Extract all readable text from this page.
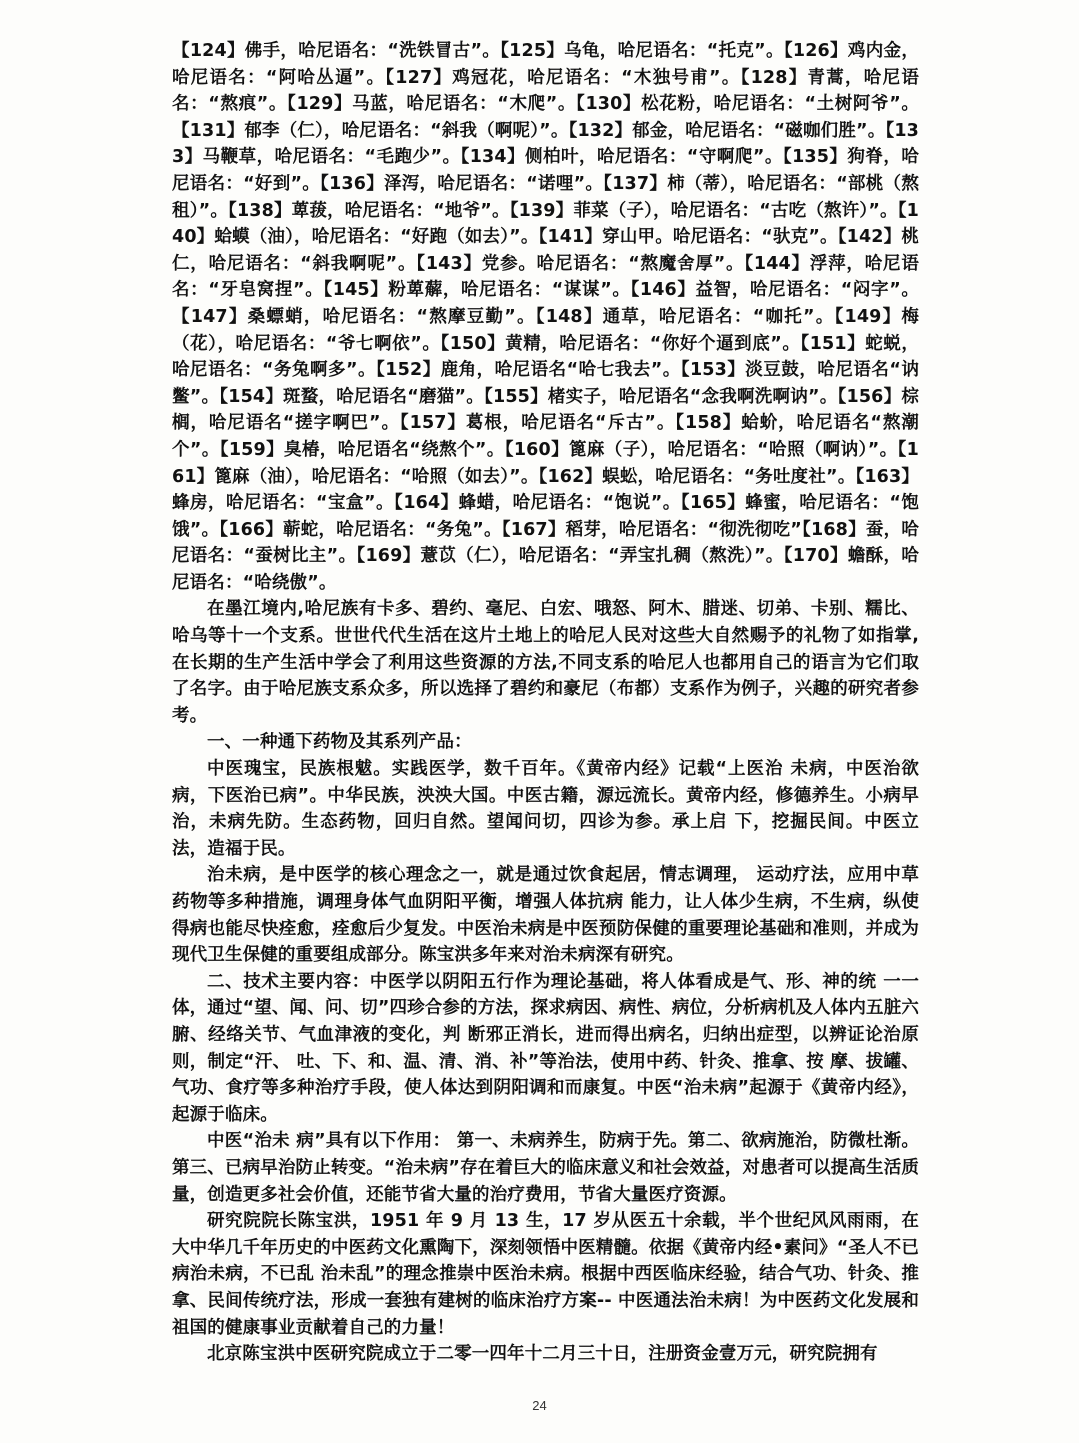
【124】佛手，哈尼语名：“洗铁冒古”。【125】乌龟，哈尼语名：“托克”。【126】鸡内金，哈尼语名：“阿哈丛逼”。【127】鸡冠花，哈尼语名：“木独号甫”。【128】青蒿，哈尼语名：“熬痕”。【129】马蓝，哈尼语名：“木爬”。【130】松花粉，哈尼语名：“土树阿爷”。【131】郁李（仁），哈尼语名：“斜我（啊呢）”。【132】郁金，哈尼语名：“磁咖们胜”。【133】马鞭草，哈尼语名：“毛跑少”。【134】侧柏叶，哈尼语名：“守啊爬”。【135】狗脊，哈尼语名：“好到”。【136】泽泻，哈尼语名：“诺哩”。【137】柿（蒂），哈尼语名：“部桃（熬租）”。【138】萆菝，哈尼语名：“地爷”。【139】菲菜（子），哈尼语名：“古吃（熬许）”。【140】蛤蟆（油），哈尼语名：“好跑（如去）”。【141】穿山甲。哈尼语名：“驮克”。【142】桃仁，哈尼语名：“斜我啊呢”。【143】党参。哈尼语名：“熬魔舍厚”。【144】浮萍，哈尼语名：“牙皂窝捏”。【145】粉萆薢，哈尼语名：“谋谋”。【146】益智，哈尼语名：“闷字”。【147】桑螵蛸，哈尼语名：“熬摩豆勤”。【148】通草，哈尼语名：“咖托”。【149】梅（花），哈尼语名：“爷七啊依”。【150】黄精，哈尼语名：“你好个逼到底”。【151】蛇蜕，哈尼语名：“务兔啊多”。【152】鹿角，哈尼语名“哈七我去”。【153】淡豆鼓，哈尼语名“讷鳖”。【154】斑蝥，哈尼语名“磨猫”。【155】楮实子，哈尼语名“念我啊洗啊讷”。【156】棕榈，哈尼语名“搓字啊巴”。【157】葛根，哈尼语名“斥古”。【158】蛤蚧，哈尼语名“熬潮个”。【159】臭椿，哈尼语名“绕熬个”。【160】篦麻（子），哈尼语名：“哈照（啊讷）”。【161】篦麻（油），哈尼语名：“哈照（如去）”。【162】蜈蚣，哈尼语名：“务吐度社”。【163】蜂房，哈尼语名：“宝盒”。【164】蜂蜡，哈尼语名：“饱说”。【165】蜂蜜，哈尼语名：“饱饿”。【166】蕲蛇，哈尼语名：“务兔”。【167】稻芽，哈尼语名：“彻洗彻吃”【168】蚕，哈尼语名：“蚕树比主”。【169】薏苡（仁），哈尼语名：“弄宝扎稠（熬洗）”。【170】蟾酥，哈尼语名：“哈绕傲”。

在墨江境内,哈尼族有卡多、碧约、毫尼、白宏、哦怒、阿木、腊迷、切弟、卡别、糯比、哈乌等十一个支系。世世代代生活在这片土地上的哈尼人民对这些大自然赐予的礼物了如指掌,在长期的生产生活中学会了利用这些资源的方法,不同支系的哈尼人也都用自己的语言为它们取了名字。由于哈尼族支系众多，所以选择了碧约和豪尼（布都）支系作为例子，兴趣的研究者参考。

一、一种通下药物及其系列产品：

中医瑰宝，民族根魃。实践医学，数千百年。《黄帝内经》记载“上医治 未病，中医治欲病，下医治已病”。中华民族，泱泱大国。中医古籍，源远流长。黄帝内经，修德养生。小病早治，未病先防。生态药物，回归自然。望闻问切，四诊为参。承上启 下，挖掘民间。中医立法，造福于民。

治未病，是中医学的核心理念之一，就是通过饮食起居，情志调理， 运动疗法，应用中草药物等多种措施，调理身体气血阴阳平衡，增强人体抗病 能力，让人体少生病，不生病，纵使得病也能尽快痊愈，痊愈后少复发。中医治未病是中医预防保健的重要理论基础和准则，并成为现代卫生保健的重要组成部分。陈宝洪多年来对治未病深有研究。

二、技术主要内容：中医学以阴阳五行作为理论基础，将人体看成是气、形、神的统 一一体，通过“望、闻、问、切”四珍合参的方法，探求病因、病性、病位，分析病机及人体内五脏六腑、经络关节、气血津液的变化，判 断邪正消长，进而得出病名，归纳出症型，以辨证论治原则，制定“汗、 吐、下、和、温、清、消、补”等治法，使用中药、针灸、推拿、按 摩、拔罐、气功、食疗等多种治疗手段，使人体达到阴阳调和而康复。中医“治未病”起源于《黄帝内经》，起源于临床。

中医“治未 病”具有以下作用： 第一、未病养生，防病于先。第二、欲病施治，防微杜渐。第三、已病早治防止转变。“治未病”存在着巨大的临床意义和社会效益，对患者可以提高生活质量，创造更多社会价值，还能节省大量的治疗费用，节省大量医疗资源。

研究院院长陈宝洪，1951 年 9 月 13 生，17 岁从医五十余载，半个世纪风风雨雨，在大中华几千年历史的中医药文化熏陶下，深刻领悟中医精髓。依据《黄帝内经•素问》“圣人不已病治未病，不已乱 治未乱”的理念推崇中医治未病。根据中西医临床经验，结合气功、针灸、推拿、民间传统疗法，形成一套独有建树的临床治疗方案-- 中医通法治未病！为中医药文化发展和祖国的健康事业贡献着自己的力量！

北京陈宝洪中医研究院成立于二零一四年十二月三十日，注册资金壹万元，研究院拥有

24
